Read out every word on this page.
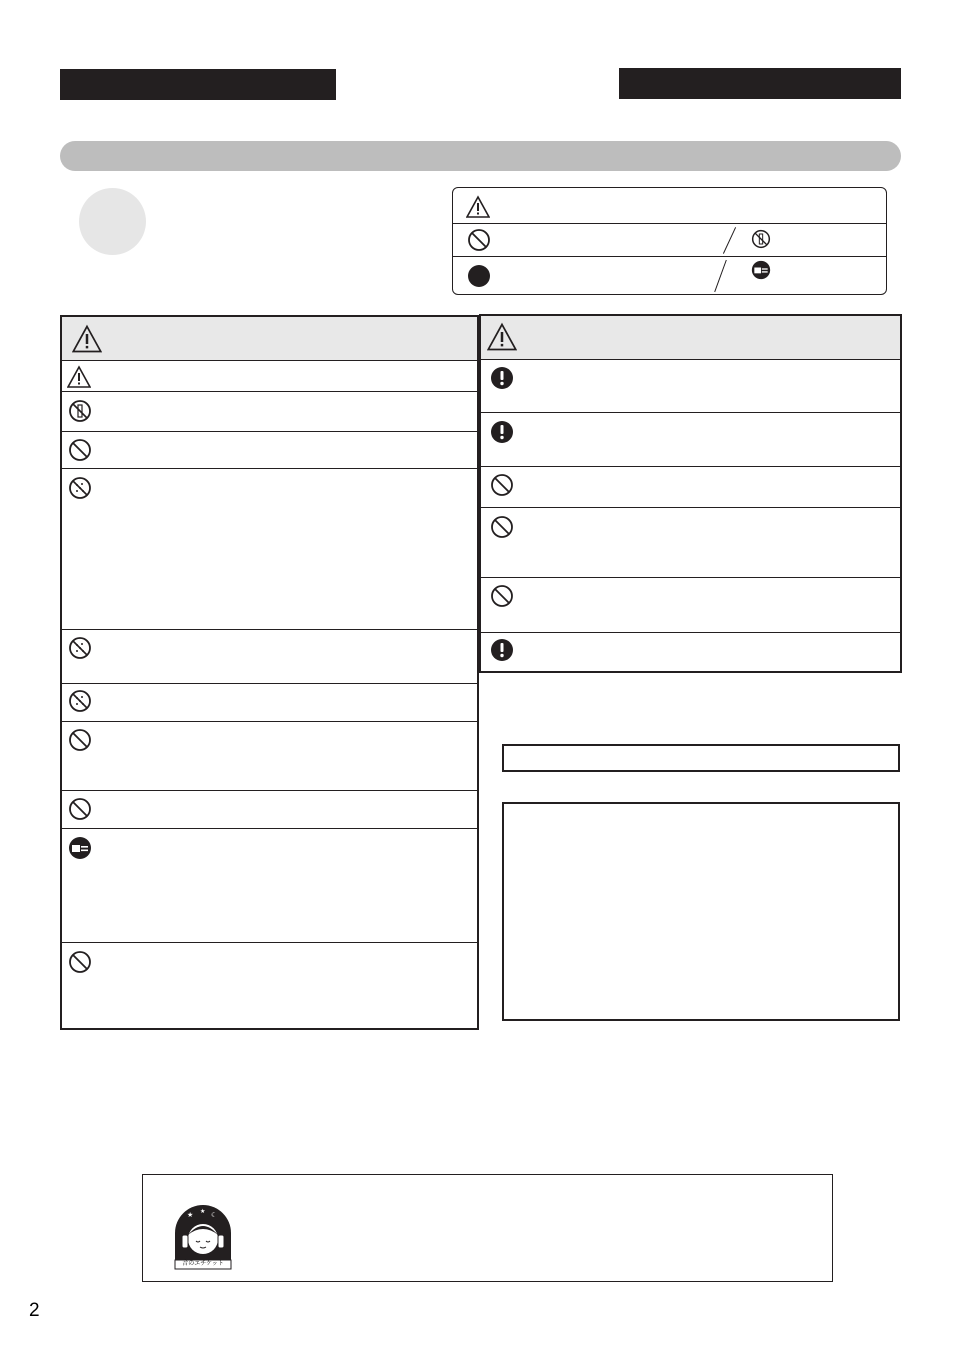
★	☾
★
音のエチケット
2
